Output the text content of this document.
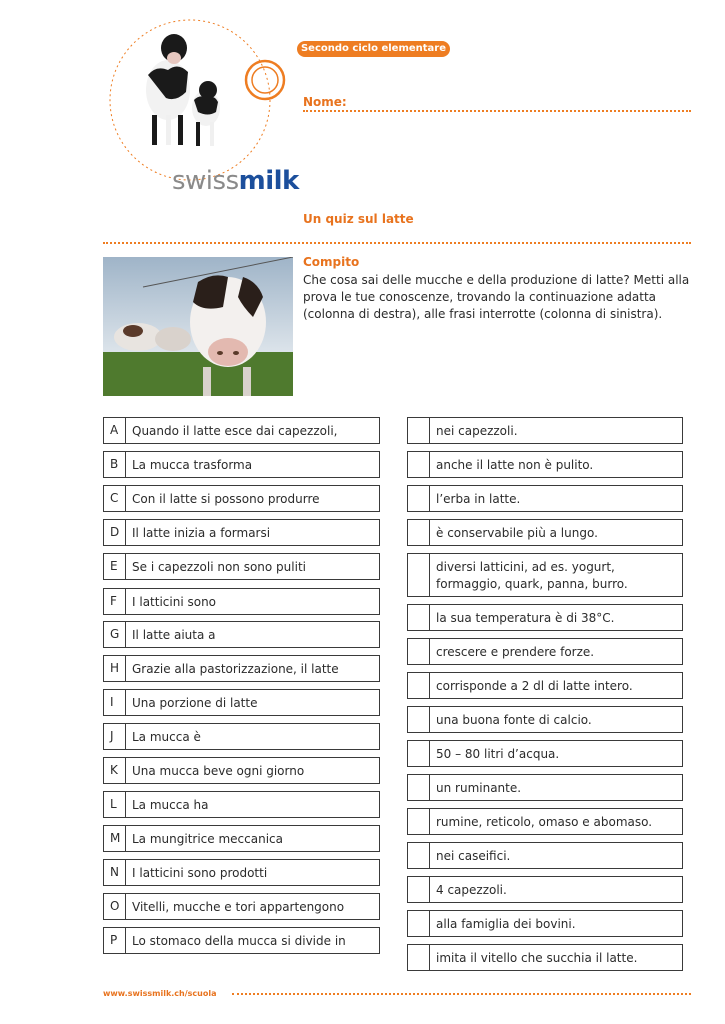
Secondo ciclo elementare
Nome:
swissmilk
Un quiz sul latte
Compito
Che cosa sai delle mucche e della produzione di latte? Metti alla prova le tue conoscenze, trovando la continuazione adatta (colonna di destra), alle frasi interrotte (colonna di sinistra).
A	Quando il latte esce dai capezzoli,
B	La mucca trasforma
C	Con il latte si possono produrre
D	Il latte inizia a formarsi
E	Se i capezzoli non sono puliti
F	I latticini sono
G	Il latte aiuta a
H	Grazie alla pastorizzazione, il latte
I	Una porzione di latte
J	La mucca è
K	Una mucca beve ogni giorno
L	La mucca ha
M La mungitrice meccanica
N	I latticini sono prodotti
O	Vitelli, mucche e tori appartengono
P	Lo stomaco della mucca si divide in
nei capezzoli.
anche il latte non è pulito.
l’erba in latte.
è conservabile più a lungo.
diversi latticini, ad es. yogurt, formaggio, quark, panna, burro.
la sua temperatura è di 38°C.
crescere e prendere forze.
corrisponde a 2 dl di latte intero.
una buona fonte di calcio.
50 – 80 litri d’acqua.
un ruminante.
rumine, reticolo, omaso e abomaso.
nei caseifici.
4 capezzoli.
alla famiglia dei bovini.
imita il vitello che succhia il latte.
www.swissmilk.ch/scuola
